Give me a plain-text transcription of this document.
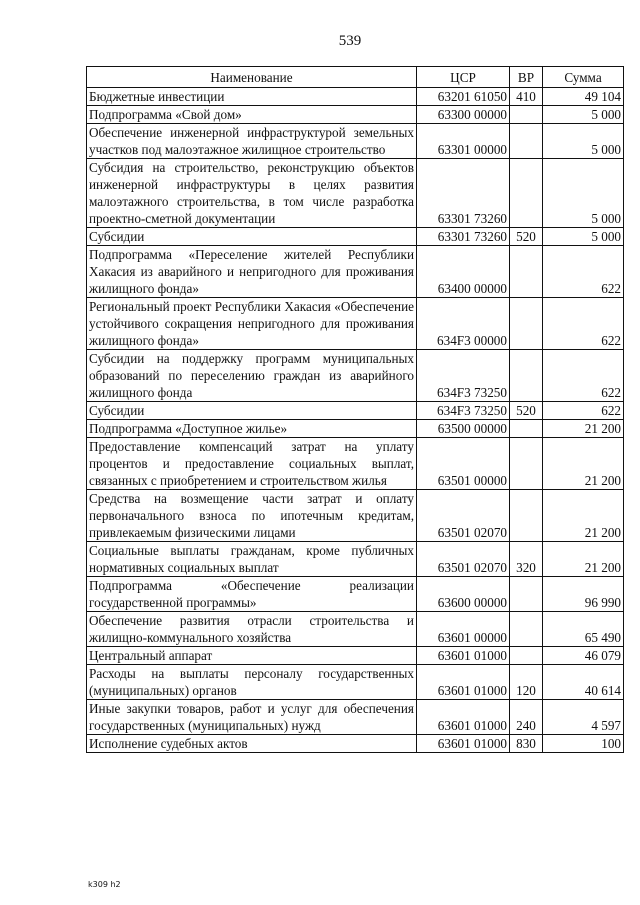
539
Наименование	ЦСР	ВР	Сумма
Бюджетные инвестиции	63201 61050	410	49 104
Подпрограмма «Свой дом»	63300 00000		5 000
Обеспечение инженерной инфраструктурой земельных участков под малоэтажное жилищное строительство	63301 00000		5 000
Субсидия на строительство, реконструкцию объектов инженерной инфраструктуры в целях развития малоэтажного строительства, в том числе разработка проектно-сметной документации	63301 73260		5 000
Субсидии	63301 73260	520	5 000
Подпрограмма «Переселение жителей Республики Хакасия из аварийного и непригодного для проживания жилищного фонда»	63400 00000		622
Региональный проект Республики Хакасия «Обеспечение устойчивого сокращения непригодного для проживания жилищного фонда»	634F3 00000		622
Субсидии на поддержку программ муниципальных образований по переселению граждан из аварийного жилищного фонда	634F3 73250		622
Субсидии	634F3 73250	520	622
Подпрограмма «Доступное жилье»	63500 00000		21 200
Предоставление компенсаций затрат на уплату процентов и предоставление социальных выплат, связанных с приобретением и строительством жилья	63501 00000		21 200
Средства на возмещение части затрат и оплату первоначального взноса по ипотечным кредитам, привлекаемым физическими лицами	63501 02070		21 200
Социальные выплаты гражданам, кроме публичных нормативных социальных выплат	63501 02070	320	21 200
Подпрограмма «Обеспечение реализации государственной программы»	63600 00000		96 990
Обеспечение развития отрасли строительства и жилищно-коммунального хозяйства	63601 00000		65 490
Центральный аппарат	63601 01000		46 079
Расходы на выплаты персоналу государственных (муниципальных) органов	63601 01000	120	40 614
Иные закупки товаров, работ и услуг для обеспечения государственных (муниципальных) нужд	63601 01000	240	4 597
Исполнение судебных актов	63601 01000	830	100
k309 h2
